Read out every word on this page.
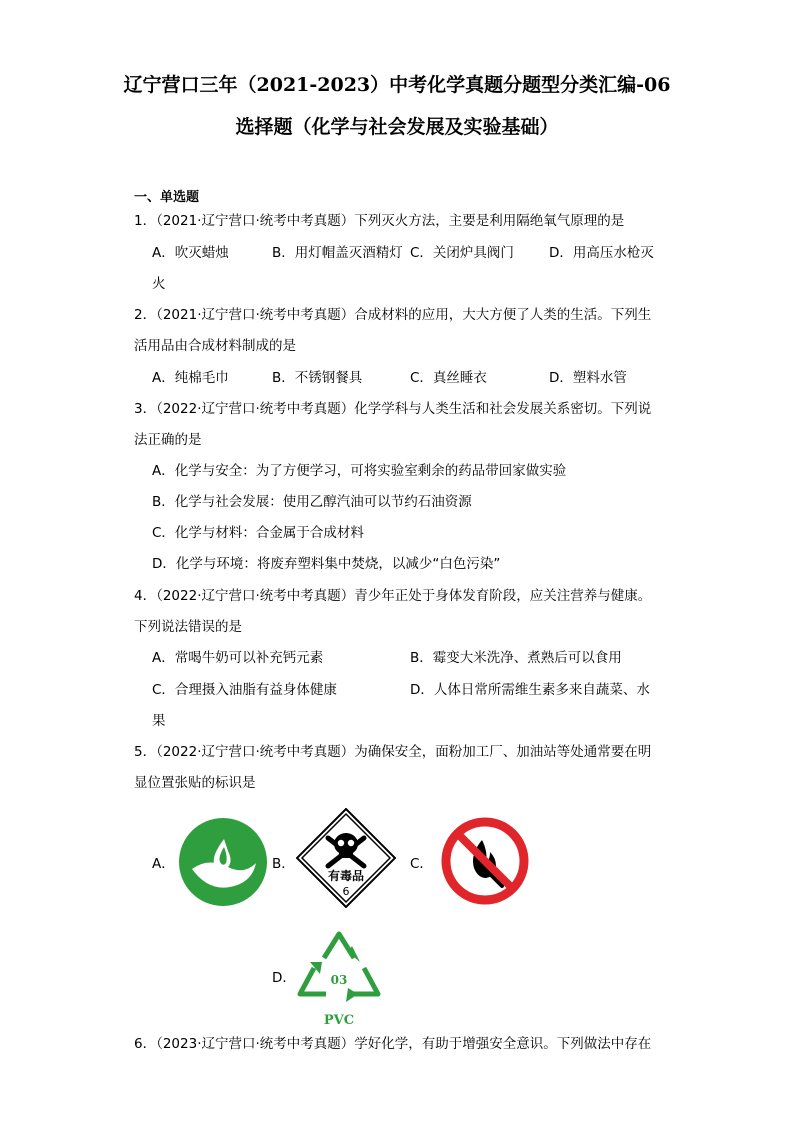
辽宁营口三年（2021-2023）中考化学真题分题型分类汇编-06
选择题（化学与社会发展及实验基础）
一、单选题
1．（2021·辽宁营口·统考中考真题）下列灭火方法，主要是利用隔绝氧气原理的是
A．吹灭蜡烛	B．用灯帽盖灭酒精灯 C．关闭炉具阀门	D．用高压水枪灭
火
2．（2021·辽宁营口·统考中考真题）合成材料的应用，大大方便了人类的生活。下列生
活用品由合成材料制成的是
A．纯棉毛巾	B．不锈钢餐具	C．真丝睡衣	D．塑料水管
3．（2022·辽宁营口·统考中考真题）化学学科与人类生活和社会发展关系密切。下列说
法正确的是
A．化学与安全：为了方便学习，可将实验室剩余的药品带回家做实验
B．化学与社会发展：使用乙醇汽油可以节约石油资源
C．化学与材料：合金属于合成材料
D．化学与环境：将废弃塑料集中焚烧，以减少“白色污染”
4．（2022·辽宁营口·统考中考真题）青少年正处于身体发育阶段，应关注营养与健康。
下列说法错误的是
A．常喝牛奶可以补充钙元素	B．霉变大米洗净、煮熟后可以食用
C．合理摄入油脂有益身体健康	D．人体日常所需维生素多来自蔬菜、水
果
5．（2022·辽宁营口·统考中考真题）为确保安全，面粉加工厂、加油站等处通常要在明
显位置张贴的标识是
A．	B．	C．
D．
有毒品
6
03
PVC
6．（2023·辽宁营口·统考中考真题）学好化学，有助于增强安全意识。下列做法中存在
